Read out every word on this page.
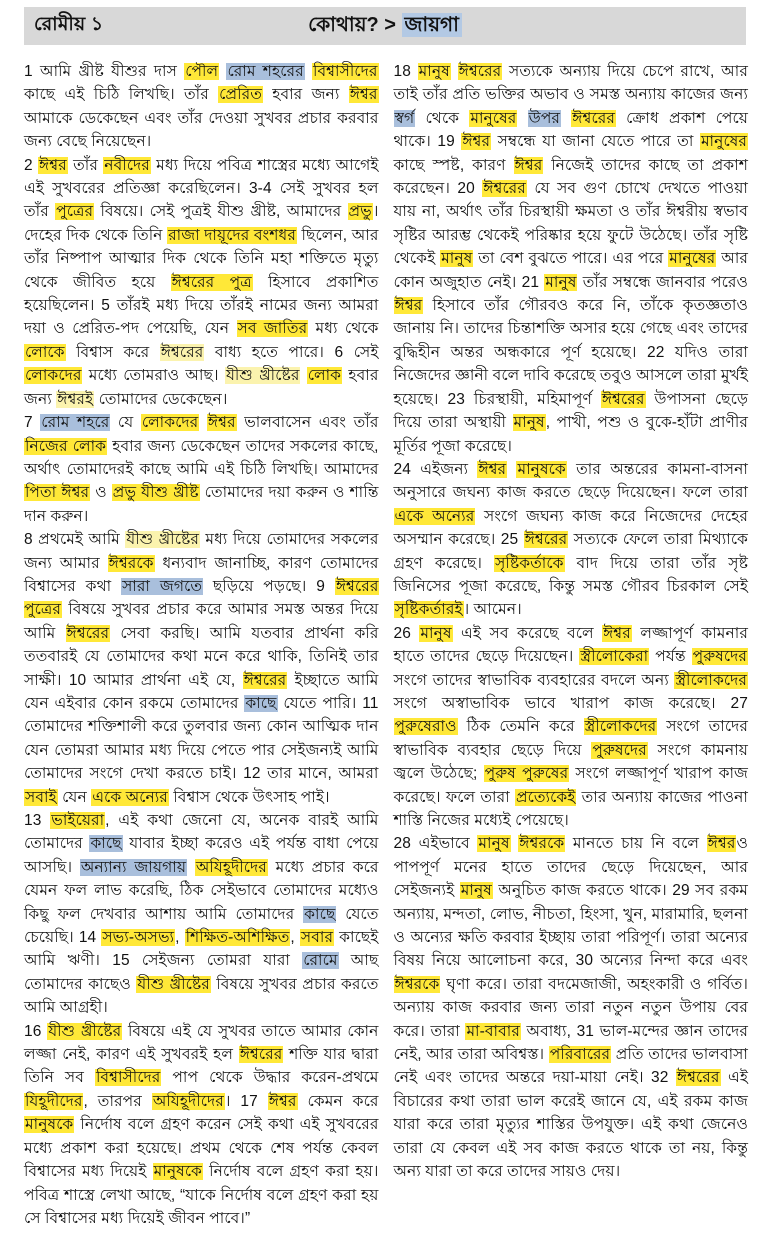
রোমীয় ১	কোথায়? > জায়গা

1 আমি খ্রীষ্ট যীশুর দাস পৌল রোম শহরের বিশ্বাসীদের কাছে এই চিঠি লিখছি। তাঁর প্রেরিত হবার জন্য ঈশ্বর আমাকে ডেকেছেন এবং তাঁর দেওয়া সুখবর প্রচার করবার জন্য বেছে নিয়েছেন।

2 ঈশ্বর তাঁর নবীদের মধ্য দিয়ে পবিত্র শাস্ত্রের মধ্যে আগেই এই সুখবরের প্রতিজ্ঞা করেছিলেন। 3-4 সেই সুখবর হল তাঁর পুত্রের বিষয়ে। সেই পুত্রই যীশু খ্রীষ্ট, আমাদের প্রভু। দেহের দিক থেকে তিনি রাজা দায়ূদের বংশধর ছিলেন, আর তাঁর নিষ্পাপ আত্মার দিক থেকে তিনি মহা শক্তিতে মৃত্যু থেকে জীবিত হয়ে ঈশ্বরের পুত্র হিসাবে প্রকাশিত হয়েছিলেন। 5 তাঁরই মধ্য দিয়ে তাঁরই নামের জন্য আমরা দয়া ও প্রেরিত-পদ পেয়েছি, যেন সব জাতির মধ্য থেকে লোকে বিশ্বাস করে ঈশ্বরের বাধ্য হতে পারে। 6 সেই লোকদের মধ্যে তোমরাও আছ। যীশু খ্রীষ্টের লোক হবার জন্য ঈশ্বরই তোমাদের ডেকেছেন।

7 রোম শহরে যে লোকদের ঈশ্বর ভালবাসেন এবং তাঁর নিজের লোক হবার জন্য ডেকেছেন তাদের সকলের কাছে, অর্থাৎ তোমাদেরই কাছে আমি এই চিঠি লিখছি। আমাদের পিতা ঈশ্বর ও প্রভু যীশু খ্রীষ্ট তোমাদের দয়া করুন ও শান্তি দান করুন।

8 প্রথমেই আমি যীশু খ্রীষ্টের মধ্য দিয়ে তোমাদের সকলের জন্য আমার ঈশ্বরকে ধন্যবাদ জানাচ্ছি, কারণ তোমাদের বিশ্বাসের কথা সারা জগতে ছড়িয়ে পড়ছে। 9 ঈশ্বরের পুত্রের বিষয়ে সুখবর প্রচার করে আমার সমস্ত অন্তর দিয়ে আমি ঈশ্বরের সেবা করছি। আমি যতবার প্রার্থনা করি ততবারই যে তোমাদের কথা মনে করে থাকি, তিনিই তার সাক্ষী। 10 আমার প্রার্থনা এই যে, ঈশ্বরের ইচ্ছাতে আমি যেন এইবার কোন রকমে তোমাদের কাছে যেতে পারি। 11 তোমাদের শক্তিশালী করে তুলবার জন্য কোন আত্মিক দান যেন তোমরা আমার মধ্য দিয়ে পেতে পার সেইজন্যই আমি তোমাদের সংগে দেখা করতে চাই। 12 তার মানে, আমরা সবাই যেন একে অন্যের বিশ্বাস থেকে উৎসাহ পাই।

13 ভাইয়েরা, এই কথা জেনো যে, অনেক বারই আমি তোমাদের কাছে যাবার ইচ্ছা করেও এই পর্যন্ত বাধা পেয়ে আসছি। অন্যান্য জায়গায় অযিহূদীদের মধ্যে প্রচার করে যেমন ফল লাভ করেছি, ঠিক সেইভাবে তোমাদের মধ্যেও কিছু ফল দেখবার আশায় আমি তোমাদের কাছে যেতে চেয়েছি। 14 সভ্য-অসভ্য, শিক্ষিত-অশিক্ষিত, সবার কাছেই আমি ঋণী। 15 সেইজন্য তোমরা যারা রোমে আছ তোমাদের কাছেও যীশু খ্রীষ্টের বিষয়ে সুখবর প্রচার করতে আমি আগ্রহী।

16 যীশু খ্রীষ্টের বিষয়ে এই যে সুখবর তাতে আমার কোন লজ্জা নেই, কারণ এই সুখবরই হল ঈশ্বরের শক্তি যার দ্বারা তিনি সব বিশ্বাসীদের পাপ থেকে উদ্ধার করেন-প্রথমে যিহূদীদের, তারপর অযিহূদীদের। 17 ঈশ্বর কেমন করে মানুষকে নির্দোষ বলে গ্রহণ করেন সেই কথা এই সুখবরের মধ্যে প্রকাশ করা হয়েছে। প্রথম থেকে শেষ পর্যন্ত কেবল বিশ্বাসের মধ্য দিয়েই মানুষকে নির্দোষ বলে গ্রহণ করা হয়। পবিত্র শাস্ত্রে লেখা আছে, “যাকে নির্দোষ বলে গ্রহণ করা হয় সে বিশ্বাসের মধ্য দিয়েই জীবন পাবে।”

18 মানুষ ঈশ্বরের সত্যকে অন্যায় দিয়ে চেপে রাখে, আর তাই তাঁর প্রতি ভক্তির অভাব ও সমস্ত অন্যায় কাজের জন্য স্বর্গ থেকে মানুষের উপর ঈশ্বরের ক্রোধ প্রকাশ পেয়ে থাকে। 19 ঈশ্বর সম্বন্ধে যা জানা যেতে পারে তা মানুষের কাছে স্পষ্ট, কারণ ঈশ্বর নিজেই তাদের কাছে তা প্রকাশ করেছেন। 20 ঈশ্বরের যে সব গুণ চোখে দেখতে পাওয়া যায় না, অর্থাৎ তাঁর চিরস্থায়ী ক্ষমতা ও তাঁর ঈশ্বরীয় স্বভাব সৃষ্টির আরম্ভ থেকেই পরিষ্কার হয়ে ফুটে উঠেছে। তাঁর সৃষ্টি থেকেই মানুষ তা বেশ বুঝতে পারে। এর পরে মানুষের আর কোন অজুহাত নেই। 21 মানুষ তাঁর সম্বন্ধে জানবার পরেও ঈশ্বর হিসাবে তাঁর গৌরবও করে নি, তাঁকে কৃতজ্ঞতাও জানায় নি। তাদের চিন্তাশক্তি অসার হয়ে গেছে এবং তাদের বুদ্ধিহীন অন্তর অন্ধকারে পূর্ণ হয়েছে। 22 যদিও তারা নিজেদের জ্ঞানী বলে দাবি করেছে তবুও আসলে তারা মুর্খই হয়েছে। 23 চিরস্থায়ী, মহিমাপূর্ণ ঈশ্বরের উপাসনা ছেড়ে দিয়ে তারা অস্থায়ী মানুষ, পাখী, পশু ও বুকে-হাঁটা প্রাণীর মূর্তির পূজা করেছে।

24 এইজন্য ঈশ্বর মানুষকে তার অন্তরের কামনা-বাসনা অনুসারে জঘন্য কাজ করতে ছেড়ে দিয়েছেন। ফলে তারা একে অন্যের সংগে জঘন্য কাজ করে নিজেদের দেহের অসম্মান করেছে। 25 ঈশ্বরের সত্যকে ফেলে তারা মিথ্যাকে গ্রহণ করেছে। সৃষ্টিকর্তাকে বাদ দিয়ে তারা তাঁর সৃষ্ট জিনিসের পূজা করেছে, কিন্তু সমস্ত গৌরব চিরকাল সেই সৃষ্টিকর্তারই। আমেন।

26 মানুষ এই সব করেছে বলে ঈশ্বর লজ্জাপূর্ণ কামনার হাতে তাদের ছেড়ে দিয়েছেন। স্ত্রীলোকেরা পর্যন্ত পুরুষদের সংগে তাদের স্বাভাবিক ব্যবহারের বদলে অন্য স্ত্রীলোকদের সংগে অস্বাভাবিক ভাবে খারাপ কাজ করেছে। 27 পুরুষেরাও ঠিক তেমনি করে স্ত্রীলোকদের সংগে তাদের স্বাভাবিক ব্যবহার ছেড়ে দিয়ে পুরুষদের সংগে কামনায় জ্বলে উঠেছে; পুরুষ পুরুষের সংগে লজ্জাপূর্ণ খারাপ কাজ করেছে। ফলে তারা প্রত্যেকেই তার অন্যায় কাজের পাওনা শাস্তি নিজের মধ্যেই পেয়েছে।

28 এইভাবে মানুষ ঈশ্বরকে মানতে চায় নি বলে ঈশ্বরও পাপপূর্ণ মনের হাতে তাদের ছেড়ে দিয়েছেন, আর সেইজন্যই মানুষ অনুচিত কাজ করতে থাকে। 29 সব রকম অন্যায়, মন্দতা, লোভ, নীচতা, হিংসা, খুন, মারামারি, ছলনা ও অন্যের ক্ষতি করবার ইচ্ছায় তারা পরিপূর্ণ। তারা অন্যের বিষয় নিয়ে আলোচনা করে, 30 অন্যের নিন্দা করে এবং ঈশ্বরকে ঘৃণা করে। তারা বদমেজাজী, অহংকারী ও গর্বিত। অন্যায় কাজ করবার জন্য তারা নতুন নতুন উপায় বের করে। তারা মা-বাবার অবাধ্য, 31 ভাল-মন্দের জ্ঞান তাদের নেই, আর তারা অবিশ্বস্ত। পরিবারের প্রতি তাদের ভালবাসা নেই এবং তাদের অন্তরে দয়া-মায়া নেই। 32 ঈশ্বরের এই বিচারের কথা তারা ভাল করেই জানে যে, এই রকম কাজ যারা করে তারা মৃত্যুর শাস্তির উপযুক্ত। এই কথা জেনেও তারা যে কেবল এই সব কাজ করতে থাকে তা নয়, কিন্তু অন্য যারা তা করে তাদের সায়ও দেয়।
